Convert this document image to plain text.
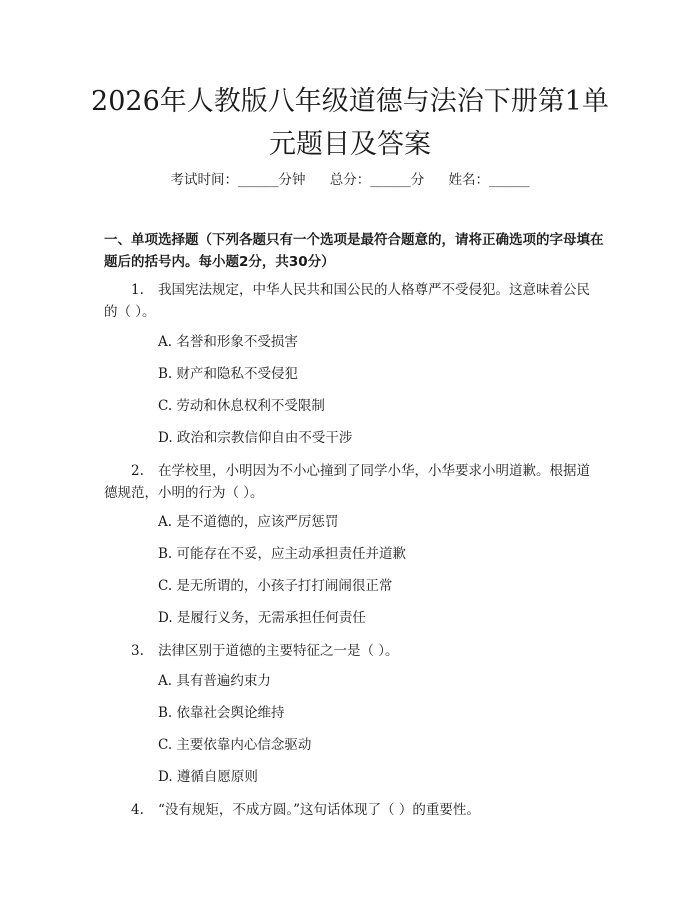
2026年人教版八年级道德与法治下册第1单元题目及答案
考试时间：______分钟 总分：______分 姓名：______
一、单项选择题（下列各题只有一个选项是最符合题意的，请将正确选项的字母填在题后的括号内。每小题2分，共30分）
1. 我国宪法规定，中华人民共和国公民的人格尊严不受侵犯。这意味着公民的（ ）。
A. 名誉和形象不受损害
B. 财产和隐私不受侵犯
C. 劳动和休息权利不受限制
D. 政治和宗教信仰自由不受干涉
2. 在学校里，小明因为不小心撞到了同学小华，小华要求小明道歉。根据道德规范，小明的行为（ ）。
A. 是不道德的，应该严厉惩罚
B. 可能存在不妥，应主动承担责任并道歉
C. 是无所谓的，小孩子打打闹闹很正常
D. 是履行义务，无需承担任何责任
3. 法律区别于道德的主要特征之一是（ ）。
A. 具有普遍约束力
B. 依靠社会舆论维持
C. 主要依靠内心信念驱动
D. 遵循自愿原则
4. “没有规矩，不成方圆。”这句话体现了（ ）的重要性。
